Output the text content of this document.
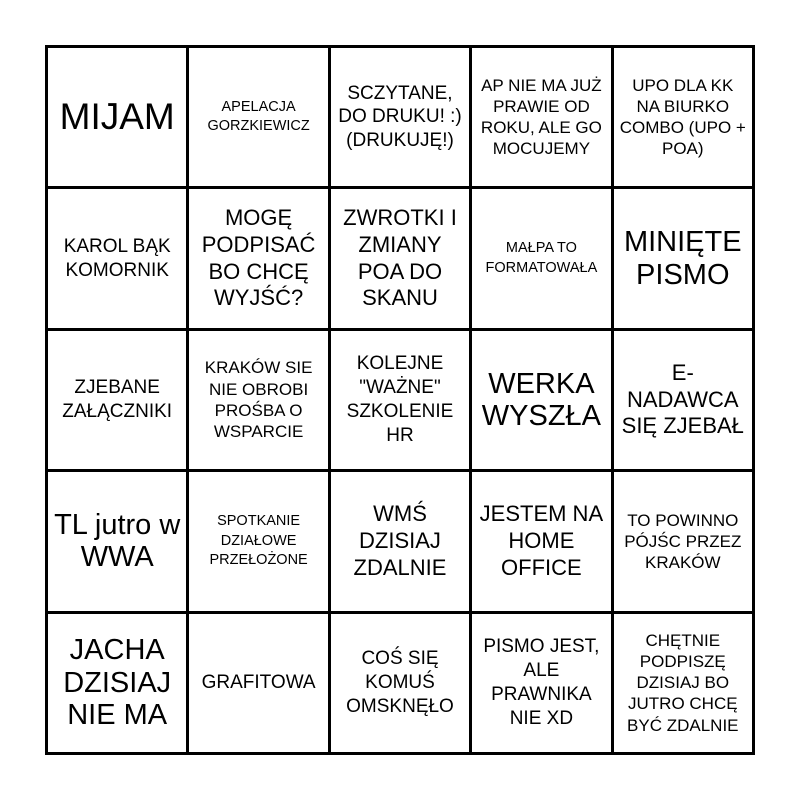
MIJAM	APELACJA GORZKIEWICZ
SCZYTANE, DO DRUKU! :) (DRUKUJĘ!)
AP NIE MA JUŻ PRAWIE OD ROKU, ALE GO MOCUJEMY
UPO DLA KK NA BIURKO COMBO (UPO + POA)
KAROL BĄK KOMORNIK
MOGĘ PODPISAĆ BO CHCĘ WYJŚĆ?
ZWROTKI I ZMIANY POA DO SKANU
MAŁPA TO FORMATOWAŁA
MINIĘTE PISMO
ZJEBANE ZAŁĄCZNIKI
KRAKÓW SIE NIE OBROBI PROŚBA O WSPARCIE
KOLEJNE "WAŻNE" SZKOLENIE HR
WERKA WYSZŁA
E-NADAWCA SIĘ ZJEBAŁ
TL jutro w WWA
SPOTKANIE DZIAŁOWE PRZEŁOŻONE
WMŚ DZISIAJ ZDALNIE
JESTEM NA HOME OFFICE
TO POWINNO PÓJŚC PRZEZ KRAKÓW
JACHA DZISIAJ NIE MA
GRAFITOWA
COŚ SIĘ KOMUŚ OMSKNĘŁO
PISMO JEST, ALE PRAWNIKA NIE XD
CHĘTNIE PODPISZĘ DZISIAJ BO JUTRO CHCĘ BYĆ ZDALNIE
